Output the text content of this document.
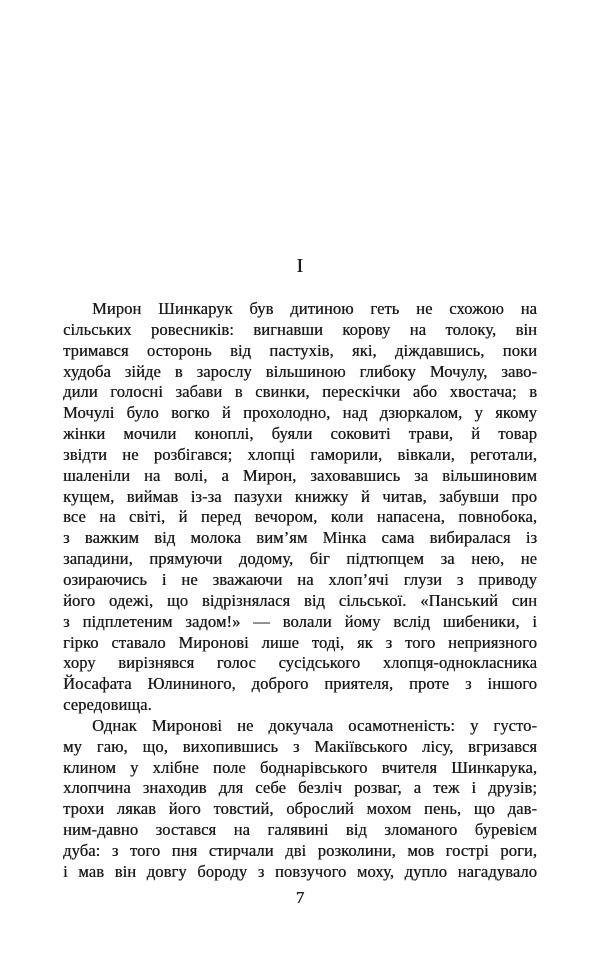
I
Мирон Шинкарук був дитиною геть не схожою на
сільських ровесників: вигнавши корову на толоку, він
тримався осторонь від пастухів, які, діждавшись, поки
худоба зійде в зарослу вільшиною глибоку Мочулу, заво-
дили голосні забави в свинки, перескічки або хвостача; в
Мочулі було вогко й прохолодно, над дзюркалом, у якому
жінки мочили коноплі, буяли соковиті трави, й товар
звідти не розбігався; хлопці гаморили, вівкали, реготали,
шаленіли на волі, а Мирон, заховавшись за вільшиновим
кущем, виймав із-за пазухи книжку й читав, забувши про
все на світі, й перед вечором, коли напасена, повнобока,
з важким від молока вим’ям Мінка сама вибиралася із
западини, прямуючи додому, біг підтюпцем за нею, не
озираючись і не зважаючи на хлоп’ячі глузи з приводу
його одежі, що відрізнялася від сільської. «Панський син
з підплетеним задом!» — волали йому вслід шибеники, і
гірко ставало Миронові лише тоді, як з того неприязного
хору вирізнявся голос сусідського хлопця-однокласника
Йосафата Юлининого, доброго приятеля, проте з іншого
середовища.
Однак Миронові не докучала осамотненість: у густо-
му гаю, що, вихопившись з Макіївського лісу, вгризався
клином у хлібне поле боднарівського вчителя Шинкарука,
хлопчина знаходив для себе безліч розваг, а теж і друзів;
трохи лякав його товстий, оброслий мохом пень, що дав-
ним-давно зостався на галявині від зломаного буревієм
дуба: з того пня стирчали дві розколини, мов гострі роги,
і мав він довгу бороду з повзучого моху, дупло нагадувало
7
